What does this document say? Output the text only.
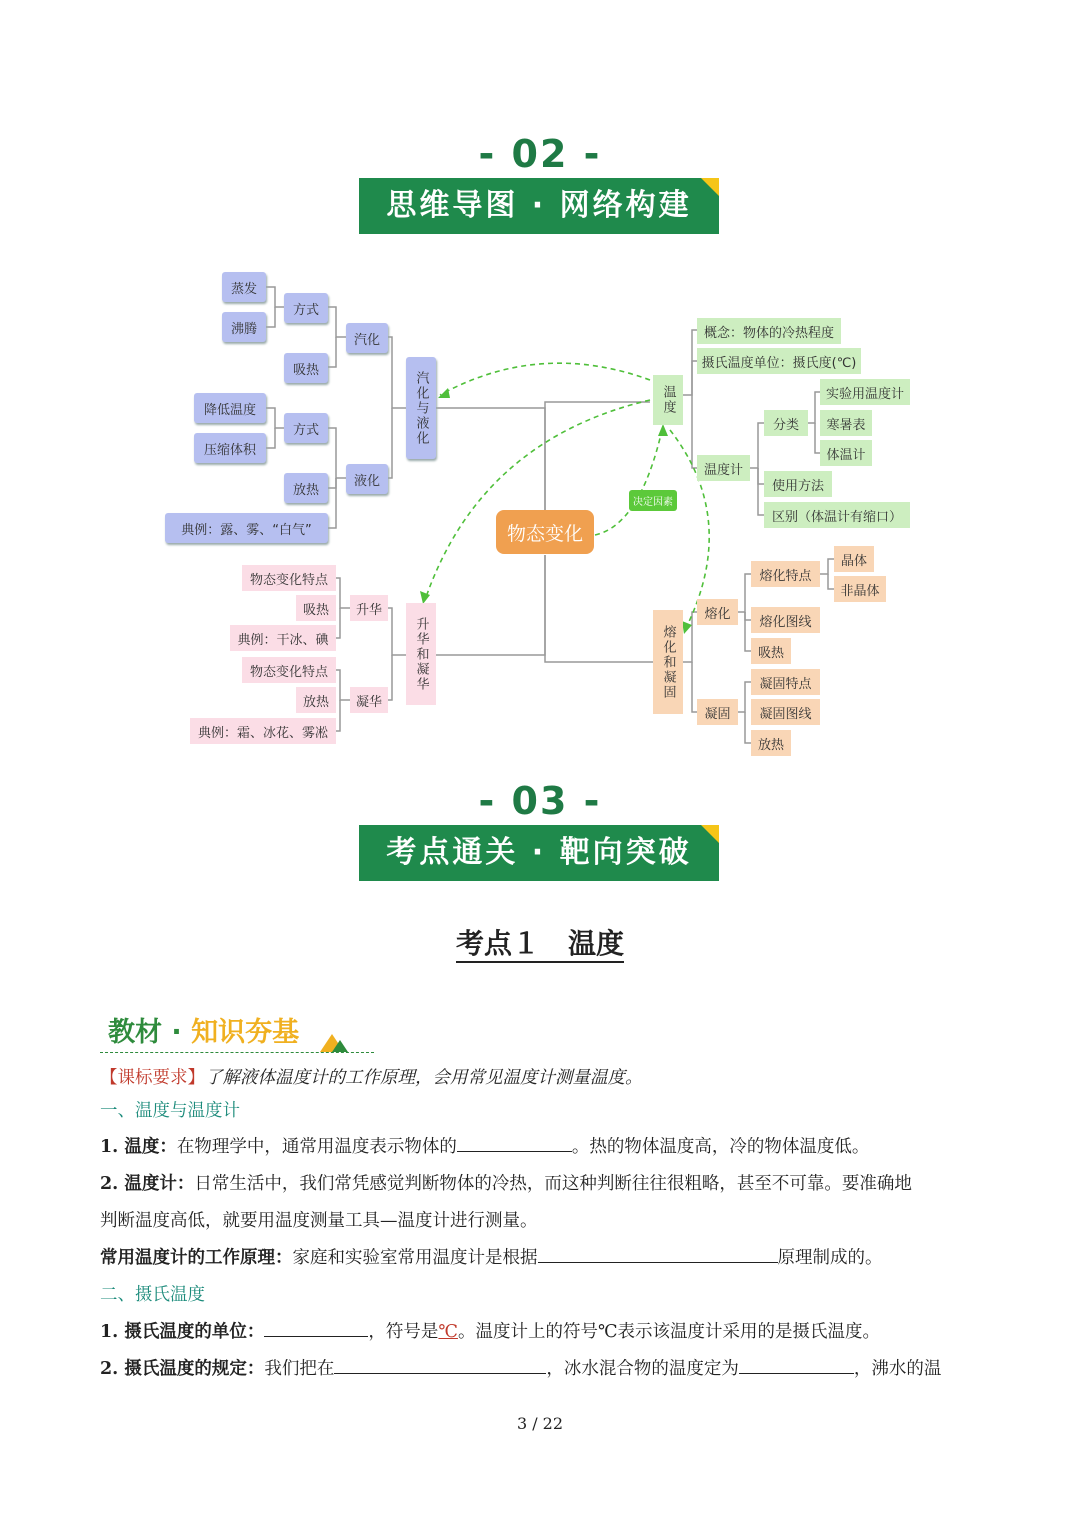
- 02 -
思维导图 · 网络构建
物态变化
决定因素
汽化与液化
汽化
液化
方式
蒸发
沸腾
吸热
方式
降低温度
压缩体积
放热
典例：露、雾、“白气”
升华和凝华
升华
凝华
物态变化特点
吸热
典例：干冰、碘
物态变化特点
放热
典例：霜、冰花、雾凇
温度
概念：物体的冷热程度
摄氏温度单位：摄氏度(℃)
温度计
分类
实验用温度计
寒暑表
体温计
使用方法
区别（体温计有缩口）
熔化和凝固
熔化
凝固
熔化特点
晶体
非晶体
熔化图线
吸热
凝固特点
凝固图线
放热
- 03 -
考点通关 · 靶向突破
考点１　温度
教材 · 知识夯基
【课标要求】了解液体温度计的工作原理，会用常见温度计测量温度。
一、温度与温度计
1. 温度：在物理学中，通常用温度表示物体的	。热的物体温度高，冷的物体温度低。
2. 温度计：日常生活中，我们常凭感觉判断物体的冷热，而这种判断往往很粗略，甚至不可靠。要准确地
判断温度高低，就要用温度测量工具—温度计进行测量。
常用温度计的工作原理：家庭和实验室常用温度计是根据	原理制成的。
二、摄氏温度
1. 摄氏温度的单位：	，符号是℃。温度计上的符号℃表示该温度计采用的是摄氏温度。
2. 摄氏温度的规定：我们把在	，冰水混合物的温度定为	，沸水的温
3 / 22
